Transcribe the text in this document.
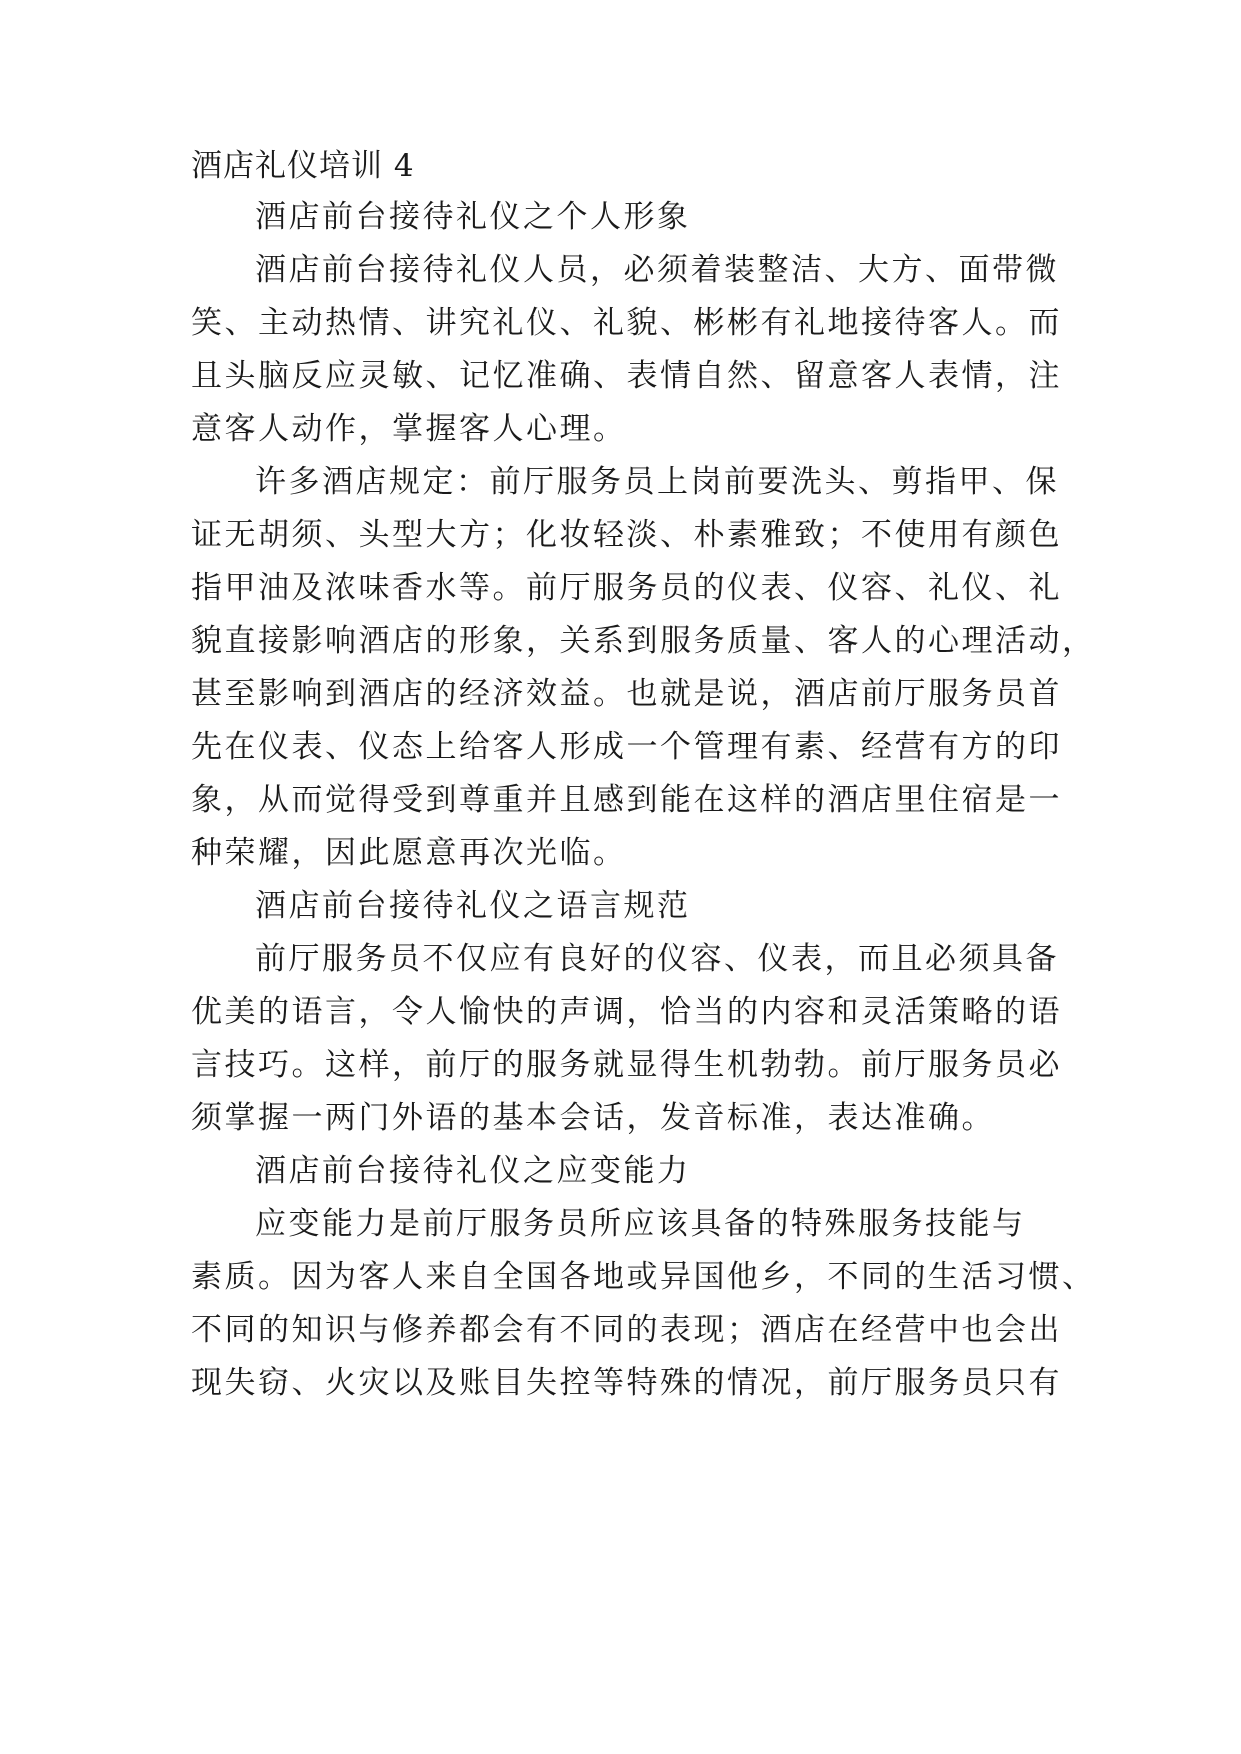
酒店礼仪培训 4
酒店前台接待礼仪之个人形象
酒店前台接待礼仪人员，必须着装整洁、大方、面带微
笑、主动热情、讲究礼仪、礼貌、彬彬有礼地接待客人。而
且头脑反应灵敏、记忆准确、表情自然、留意客人表情，注
意客人动作，掌握客人心理。
许多酒店规定：前厅服务员上岗前要洗头、剪指甲、保
证无胡须、头型大方；化妆轻淡、朴素雅致；不使用有颜色
指甲油及浓味香水等。前厅服务员的仪表、仪容、礼仪、礼
貌直接影响酒店的形象，关系到服务质量、客人的心理活动，
甚至影响到酒店的经济效益。也就是说，酒店前厅服务员首
先在仪表、仪态上给客人形成一个管理有素、经营有方的印
象，从而觉得受到尊重并且感到能在这样的酒店里住宿是一
种荣耀，因此愿意再次光临。
酒店前台接待礼仪之语言规范
前厅服务员不仅应有良好的仪容、仪表，而且必须具备
优美的语言，令人愉快的声调，恰当的内容和灵活策略的语
言技巧。这样，前厅的服务就显得生机勃勃。前厅服务员必
须掌握一两门外语的基本会话，发音标准，表达准确。
酒店前台接待礼仪之应变能力
应变能力是前厅服务员所应该具备的特殊服务技能与
素质。因为客人来自全国各地或异国他乡，不同的生活习惯、
不同的知识与修养都会有不同的表现；酒店在经营中也会出
现失窃、火灾以及账目失控等特殊的情况，前厅服务员只有
